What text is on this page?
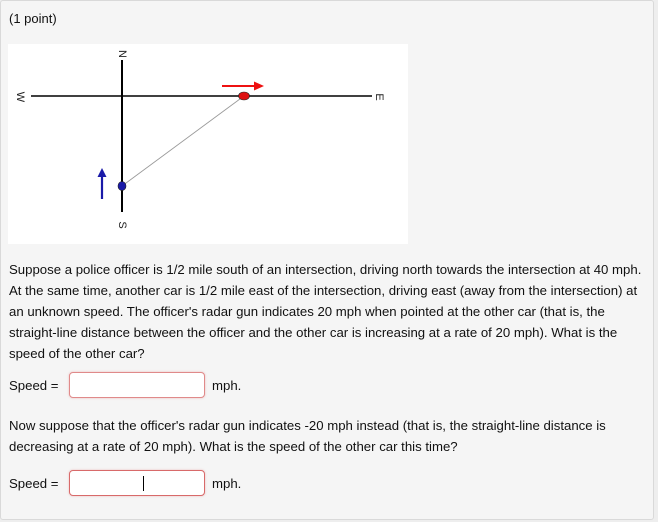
(1 point)
N
S
W	E
Suppose a police officer is 1/2 mile south of an intersection, driving north towards the intersection at 40 mph. At the same time, another car is 1/2 mile east of the intersection, driving east (away from the intersection) at an unknown speed. The officer's radar gun indicates 20 mph when pointed at the other car (that is, the straight-line distance between the officer and the other car is increasing at a rate of 20 mph). What is the speed of the other car?
Speed =	mph.
Now suppose that the officer's radar gun indicates -20 mph instead (that is, the straight-line distance is decreasing at a rate of 20 mph). What is the speed of the other car this time?
Speed =	mph.
